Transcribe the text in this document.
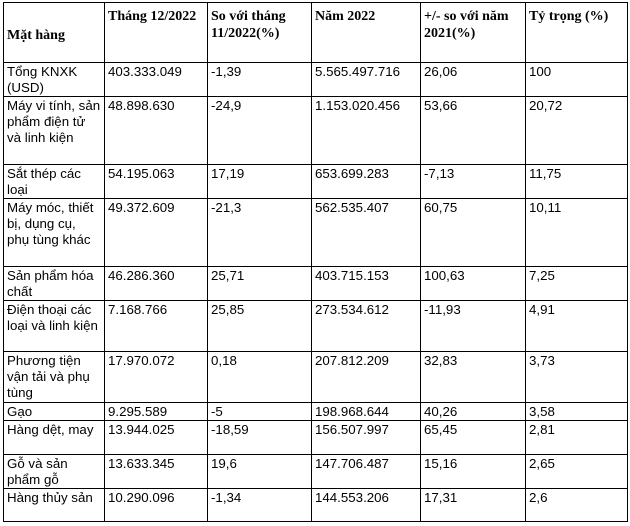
Mặt hàng	Tháng 12/2022	So với tháng 11/2022(%)	Năm 2022	+/- so với năm 2021(%)	Tỷ trọng (%)
Tổng KNXK (USD)	403.333.049	-1,39	5.565.497.716	26,06	100
Máy vi tính, sản phẩm điện tử và linh kiện	48.898.630	-24,9	1.153.020.456	53,66	20,72
Sắt thép các loại	54.195.063	17,19	653.699.283	-7,13	11,75
Máy móc, thiết bị, dụng cụ, phụ tùng khác	49.372.609	-21,3	562.535.407	60,75	10,11
Sản phẩm hóa chất	46.286.360	25,71	403.715.153	100,63	7,25
Điện thoại các loại và linh kiện	7.168.766	25,85	273.534.612	-11,93	4,91
Phương tiện vận tải và phụ tùng	17.970.072	0,18	207.812.209	32,83	3,73
Gạo	9.295.589	-5	198.968.644	40,26	3,58
Hàng dệt, may	13.944.025	-18,59	156.507.997	65,45	2,81
Gỗ và sản phẩm gỗ	13.633.345	19,6	147.706.487	15,16	2,65
Hàng thủy sản	10.290.096	-1,34	144.553.206	17,31	2,6
